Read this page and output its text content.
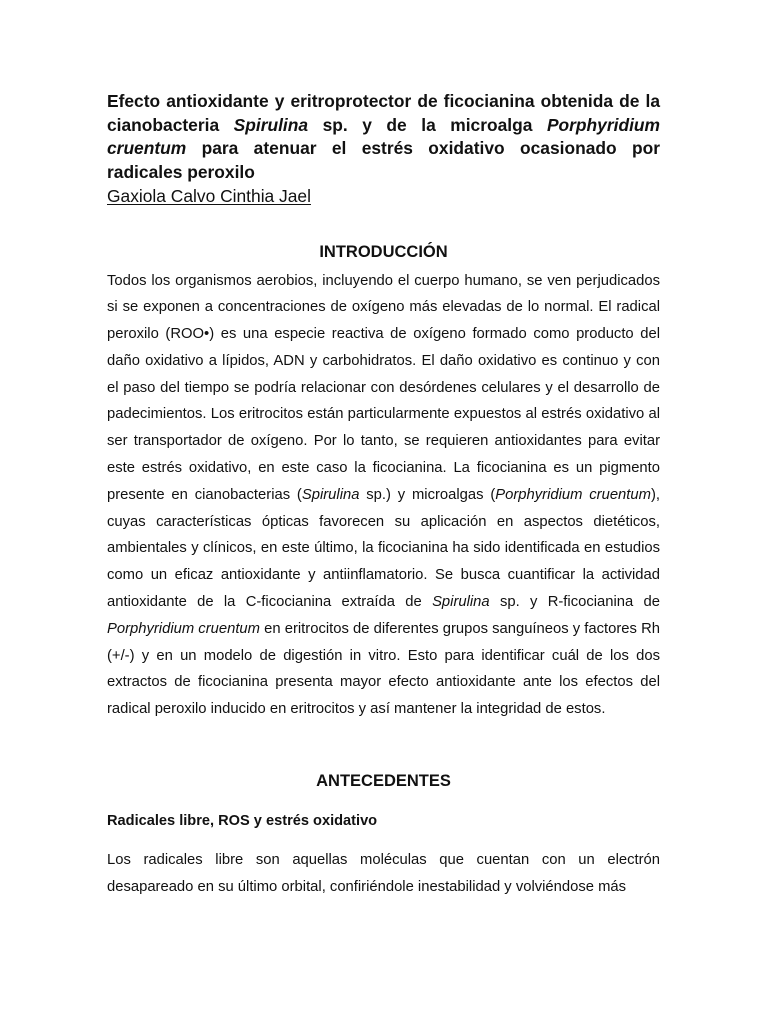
Efecto antioxidante y eritroprotector de ficocianina obtenida de la cianobacteria Spirulina sp. y de la microalga Porphyridium cruentum para atenuar el estrés oxidativo ocasionado por radicales peroxilo
Gaxiola Calvo Cinthia Jael
INTRODUCCIÓN

Todos los organismos aerobios, incluyendo el cuerpo humano, se ven perjudicados si se exponen a concentraciones de oxígeno más elevadas de lo normal. El radical peroxilo (ROO•) es una especie reactiva de oxígeno formado como producto del daño oxidativo a lípidos, ADN y carbohidratos. El daño oxidativo es continuo y con el paso del tiempo se podría relacionar con desórdenes celulares y el desarrollo de padecimientos. Los eritrocitos están particularmente expuestos al estrés oxidativo al ser transportador de oxígeno. Por lo tanto, se requieren antioxidantes para evitar este estrés oxidativo, en este caso la ficocianina. La ficocianina es un pigmento presente en cianobacterias (Spirulina sp.) y microalgas (Porphyridium cruentum), cuyas características ópticas favorecen su aplicación en aspectos dietéticos, ambientales y clínicos, en este último, la ficocianina ha sido identificada en estudios como un eficaz antioxidante y antiinflamatorio. Se busca cuantificar la actividad antioxidante de la C-ficocianina extraída de Spirulina sp. y R-ficocianina de Porphyridium cruentum en eritrocitos de diferentes grupos sanguíneos y factores Rh (+/-) y en un modelo de digestión in vitro. Esto para identificar cuál de los dos extractos de ficocianina presenta mayor efecto antioxidante ante los efectos del radical peroxilo inducido en eritrocitos y así mantener la integridad de estos.

ANTECEDENTES
Radicales libre, ROS y estrés oxidativo

Los radicales libre son aquellas moléculas que cuentan con un electrón desapareado en su último orbital, confiriéndole inestabilidad y volviéndose más
